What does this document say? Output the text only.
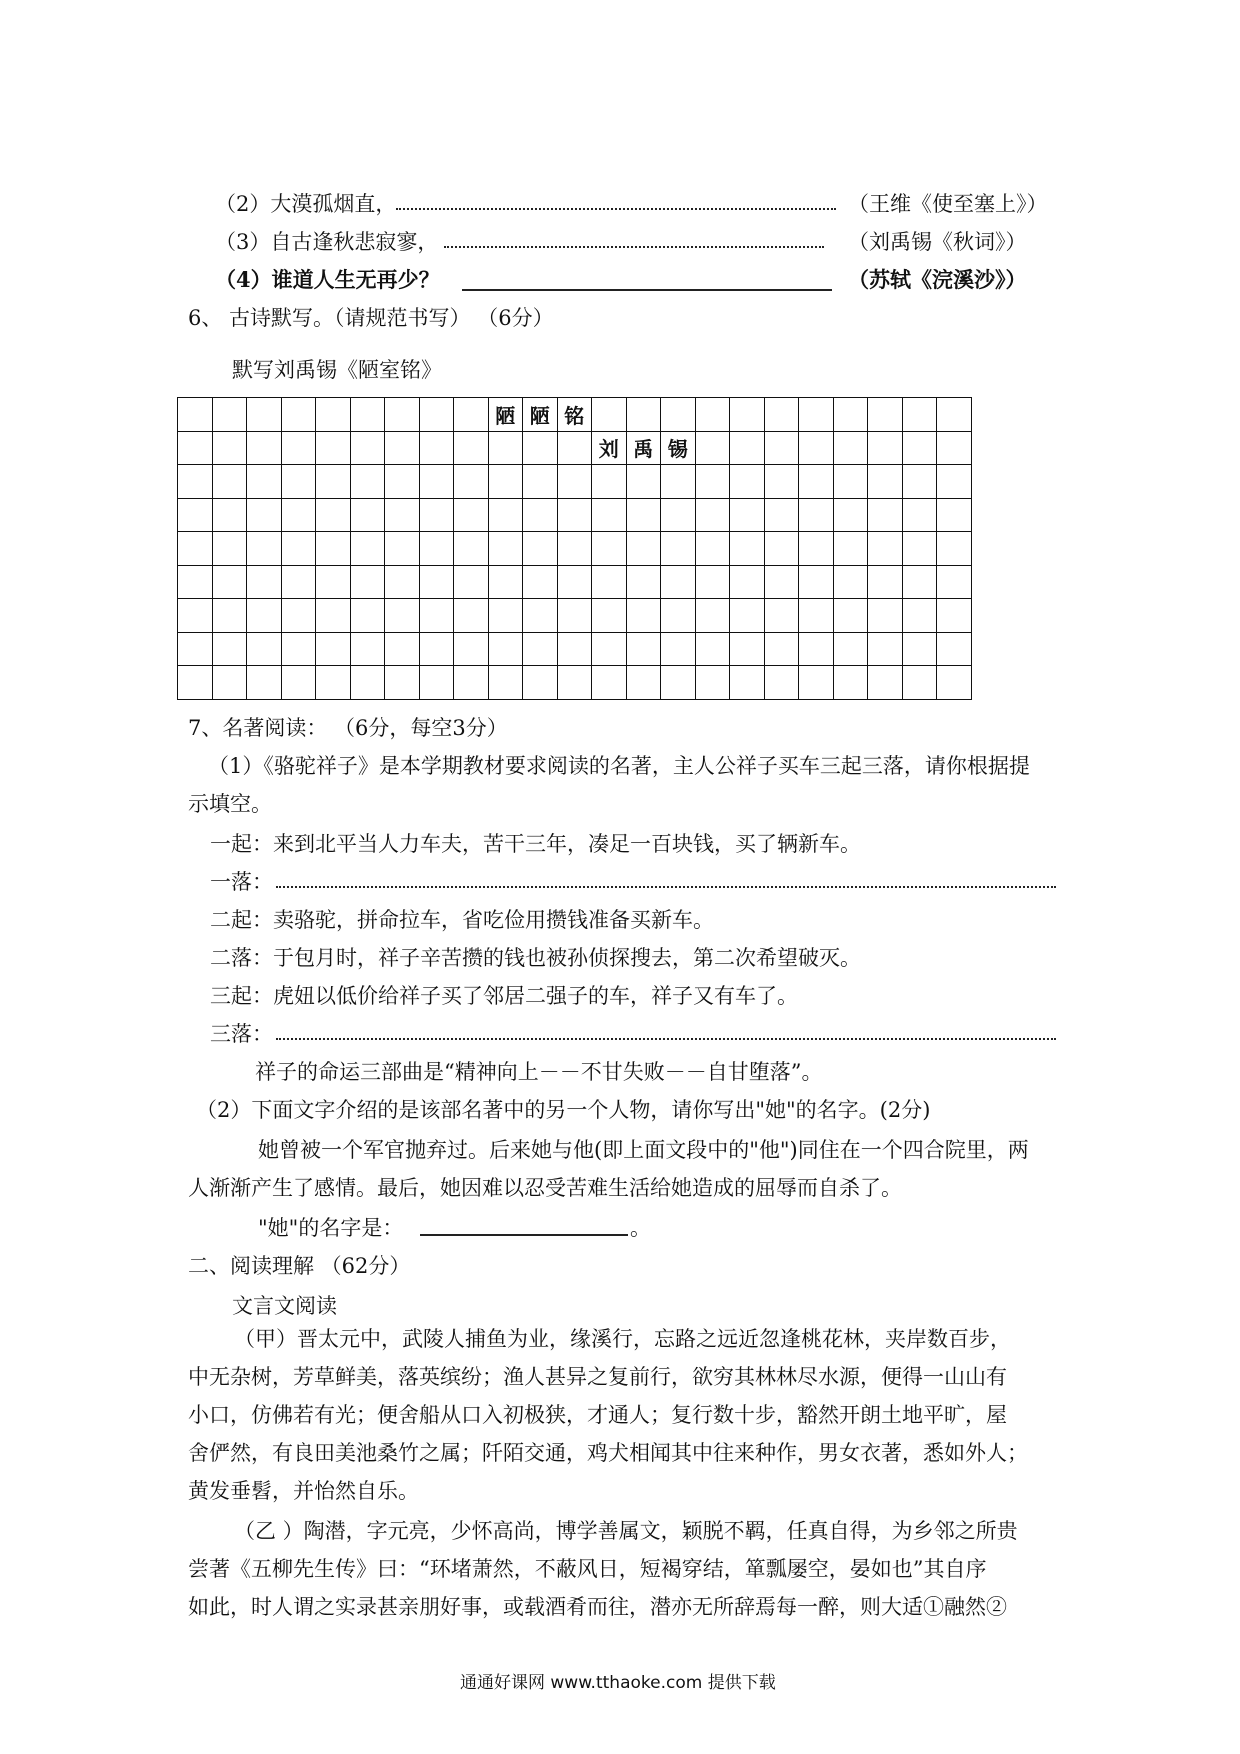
（2）大漠孤烟直，	（王维《使至塞上》）
（3）自古逢秋悲寂寥，	（刘禹锡《秋词》）
（4）谁道人生无再少？	（苏轼《浣溪沙》）
6、 古诗默写。（请规范书写） （6分）
默写刘禹锡《陋室铭》
									陋	陋	铭											
												刘	禹	锡								

7、名著阅读： （6分，每空3分）
（1）《骆驼祥子》是本学期教材要求阅读的名著，主人公祥子买车三起三落，请你根据提
示填空。
一起：来到北平当人力车夫，苦干三年，凑足一百块钱，买了辆新车。
一落：
二起：卖骆驼，拼命拉车，省吃俭用攒钱准备买新车。
二落：于包月时，祥子辛苦攒的钱也被孙侦探搜去，第二次希望破灭。
三起：虎妞以低价给祥子买了邻居二强子的车，祥子又有车了。
三落：
祥子的命运三部曲是“精神向上－－不甘失败－－自甘堕落”。
（2）下面文字介绍的是该部名著中的另一个人物，请你写出"她"的名字。(2分)
她曾被一个军官抛弃过。后来她与他(即上面文段中的"他")同住在一个四合院里，两
人渐渐产生了感情。最后，她因难以忍受苦难生活给她造成的屈辱而自杀了。
"她"的名字是：	。
二、阅读理解 （62分）
文言文阅读
（甲）晋太元中，武陵人捕鱼为业，缘溪行，忘路之远近忽逢桃花林，夹岸数百步，
中无杂树，芳草鲜美，落英缤纷；渔人甚异之复前行，欲穷其林林尽水源，便得一山山有
小口，仿佛若有光；便舍船从口入初极狭，才通人；复行数十步，豁然开朗土地平旷，屋
舍俨然，有良田美池桑竹之属；阡陌交通，鸡犬相闻其中往来种作，男女衣著，悉如外人；
黄发垂髫，并怡然自乐。
（乙 ）陶潜，字元亮，少怀高尚，博学善属文，颖脱不羁，任真自得，为乡邻之所贵
尝著《五柳先生传》曰：“环堵萧然，不蔽风日，短褐穿结，箪瓢屡空，晏如也”其自序
如此，时人谓之实录甚亲朋好事，或载酒肴而往，潜亦无所辞焉每一醉，则大适①融然②
通通好课网 www.tthaoke.com 提供下载
